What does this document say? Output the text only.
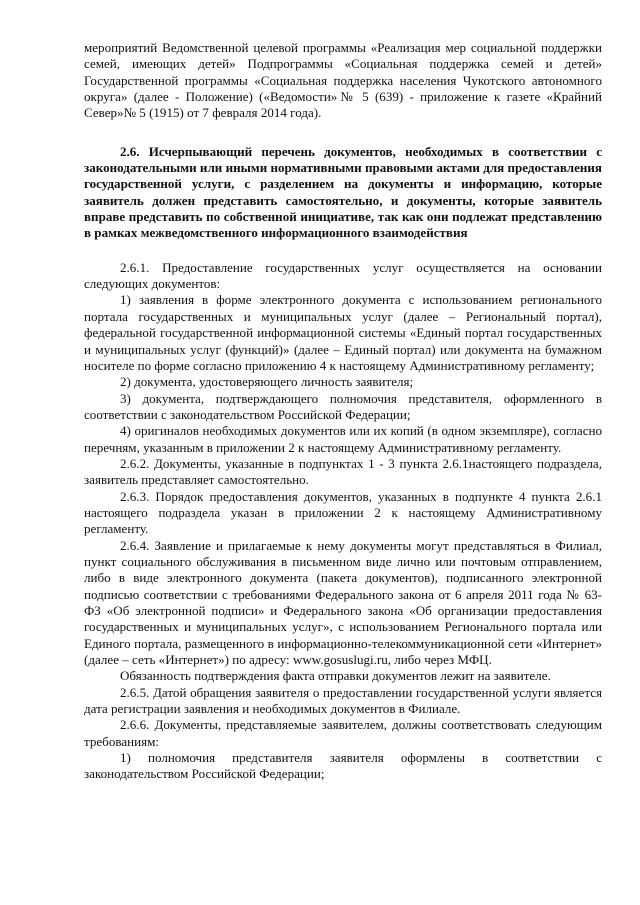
мероприятий Ведомственной целевой программы «Реализация мер социальной поддержки семей, имеющих детей» Подпрограммы «Социальная поддержка семей и детей» Государственной программы «Социальная поддержка населения Чукотского автономного округа» (далее - Положение) («Ведомости»№ 5 (639) - приложение к газете «Крайний Север»№ 5 (1915) от 7 февраля 2014 года).

2.6. Исчерпывающий перечень документов, необходимых в соответствии с законодательными или иными нормативными правовыми актами для предоставления государственной услуги, с разделением на документы и информацию, которые заявитель должен представить самостоятельно, и документы, которые заявитель вправе представить по собственной инициативе, так как они подлежат представлению в рамках межведомственного информационного взаимодействия

2.6.1. Предоставление государственных услуг осуществляется на основании следующих документов:

1) заявления в форме электронного документа с использованием регионального портала государственных и муниципальных услуг (далее – Региональный портал), федеральной государственной информационной системы «Единый портал государственных и муниципальных услуг (функций)» (далее – Единый портал) или документа на бумажном носителе по форме согласно приложению 4 к настоящему Административному регламенту;

2) документа, удостоверяющего личность заявителя;

3) документа, подтверждающего полномочия представителя, оформленного в соответствии с законодательством Российской Федерации;

4) оригиналов необходимых документов или их копий (в одном экземпляре), согласно перечням, указанным в приложении 2 к настоящему Административному регламенту.

2.6.2. Документы, указанные в подпунктах 1 - 3 пункта 2.6.1настоящего подраздела, заявитель представляет самостоятельно.

2.6.3. Порядок предоставления документов, указанных в подпункте 4 пункта 2.6.1 настоящего подраздела указан в приложении 2 к настоящему Административному регламенту.

2.6.4. Заявление и прилагаемые к нему документы могут представляться в Филиал, пункт социального обслуживания в письменном виде лично или почтовым отправлением, либо в виде электронного документа (пакета документов), подписанного электронной подписью соответствии с требованиями Федерального закона от 6 апреля 2011 года № 63-ФЗ «Об электронной подписи» и Федерального закона «Об организации предоставления государственных и муниципальных услуг», с использованием Регионального портала или Единого портала, размещенного в информационно-телекоммуникационной сети «Интернет» (далее – сеть «Интернет») по адресу: www.gosuslugi.ru, либо через МФЦ.

Обязанность подтверждения факта отправки документов лежит на заявителе.

2.6.5. Датой обращения заявителя о предоставлении государственной услуги является дата регистрации заявления и необходимых документов в Филиале.

2.6.6. Документы, представляемые заявителем, должны соответствовать следующим требованиям:

1) полномочия представителя заявителя оформлены в соответствии с законодательством Российской Федерации;
